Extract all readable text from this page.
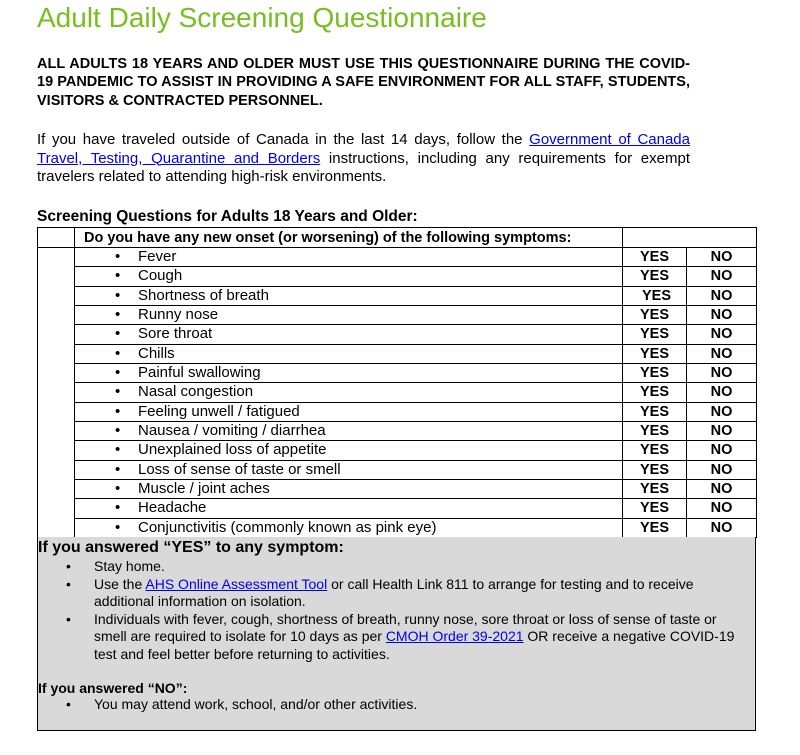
Adult Daily Screening Questionnaire
ALL ADULTS 18 YEARS AND OLDER MUST USE THIS QUESTIONNAIRE DURING THE COVID-19 PANDEMIC TO ASSIST IN PROVIDING A SAFE ENVIRONMENT FOR ALL STAFF, STUDENTS, VISITORS & CONTRACTED PERSONNEL.
If you have traveled outside of Canada in the last 14 days, follow the Government of Canada Travel, Testing, Quarantine and Borders instructions, including any requirements for exempt travelers related to attending high-risk environments.
Screening Questions for Adults 18 Years and Older:
	Do you have any new onset (or worsening) of the following symptoms:		

•
Fever	YES	NO

•
Cough	YES	NO

•
Shortness of breath	YES	NO

•
Runny nose	YES	NO

•
Sore throat	YES	NO

•
Chills	YES	NO

•
Painful swallowing	YES	NO

•
Nasal congestion	YES	NO

•
Feeling unwell / fatigued	YES	NO

•
Nausea / vomiting / diarrhea	YES	NO

•
Unexplained loss of appetite	YES	NO

•
Loss of sense of taste or smell	YES	NO

•
Muscle / joint aches	YES	NO

•
Headache	YES	NO

•
Conjunctivitis (commonly known as pink eye)	YES	NO
If you answered “YES” to any symptom:
•
Stay home.
•
Use the AHS Online Assessment Tool or call Health Link 811 to arrange for testing and to receive additional information on isolation.
•
Individuals with fever, cough, shortness of breath, runny nose, sore throat or loss of sense of taste or smell are required to isolate for 10 days as per CMOH Order 39-2021 OR receive a negative COVID-19 test and feel better before returning to activities.
If you answered “NO”:
•
You may attend work, school, and/or other activities.
